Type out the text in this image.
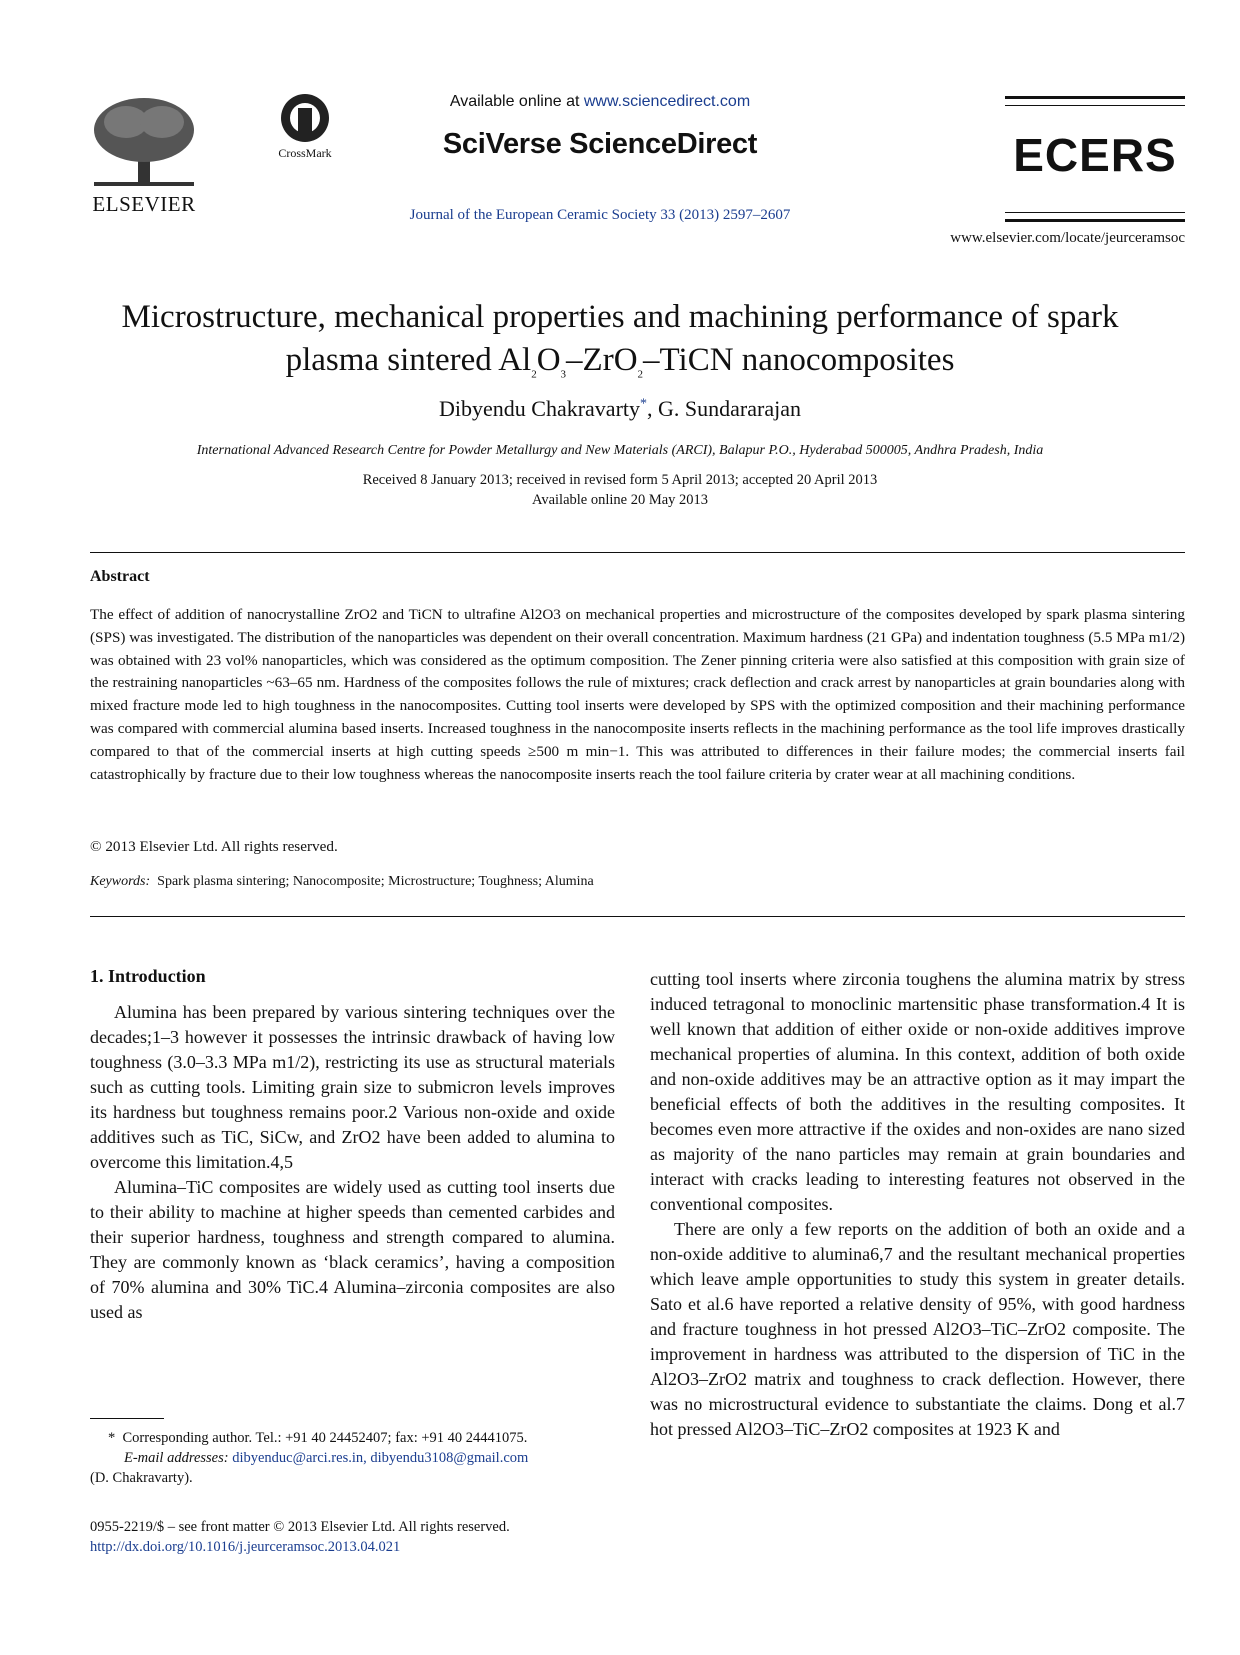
ELSEVIER
CrossMark
Available online at www.sciencedirect.com
SciVerse ScienceDirect
Journal of the European Ceramic Society 33 (2013) 2597–2607
ECERS
www.elsevier.com/locate/jeurceramsoc
Microstructure, mechanical properties and machining performance of spark
plasma sintered $Al_2O_3-ZrO_2$–TiCN nanocomposites
Dibyendu Chakravarty*, G. Sundararajan
International Advanced Research Centre for Powder Metallurgy and New Materials (ARCI), Balapur P.O., Hyderabad 500005, Andhra Pradesh, India
Received 8 January 2013; received in revised form 5 April 2013; accepted 20 April 2013
Available online 20 May 2013
Abstract
The effect of addition of nanocrystalline ZrO2 and TiCN to ultrafine Al2O3 on mechanical properties and microstructure of the composites developed by spark plasma sintering (SPS) was investigated. The distribution of the nanoparticles was dependent on their overall concentration. Maximum hardness (21 GPa) and indentation toughness (5.5 MPa m1/2) was obtained with 23 vol% nanoparticles, which was considered as the optimum composition. The Zener pinning criteria were also satisfied at this composition with grain size of the restraining nanoparticles ~63–65 nm. Hardness of the composites follows the rule of mixtures; crack deflection and crack arrest by nanoparticles at grain boundaries along with mixed fracture mode led to high toughness in the nanocomposites. Cutting tool inserts were developed by SPS with the optimized composition and their machining performance was compared with commercial alumina based inserts. Increased toughness in the nanocomposite inserts reflects in the machining performance as the tool life improves drastically compared to that of the commercial inserts at high cutting speeds ≥500 m min−1. This was attributed to differences in their failure modes; the commercial inserts fail catastrophically by fracture due to their low toughness whereas the nanocomposite inserts reach the tool failure criteria by crater wear at all machining conditions.
© 2013 Elsevier Ltd. All rights reserved.
Keywords: Spark plasma sintering; Nanocomposite; Microstructure; Toughness; Alumina
1. Introduction

Alumina has been prepared by various sintering techniques over the decades;1–3 however it possesses the intrinsic drawback of having low toughness (3.0–3.3 MPa m1/2), restricting its use as structural materials such as cutting tools. Limiting grain size to submicron levels improves its hardness but toughness remains poor.2 Various non-oxide and oxide additives such as TiC, SiCw, and ZrO2 have been added to alumina to overcome this limitation.4,5

Alumina–TiC composites are widely used as cutting tool inserts due to their ability to machine at higher speeds than cemented carbides and their superior hardness, toughness and strength compared to alumina. They are commonly known as ‘black ceramics’, having a composition of 70% alumina and 30% TiC.4 Alumina–zirconia composites are also used as

cutting tool inserts where zirconia toughens the alumina matrix by stress induced tetragonal to monoclinic martensitic phase transformation.4 It is well known that addition of either oxide or non-oxide additives improve mechanical properties of alumina. In this context, addition of both oxide and non-oxide additives may be an attractive option as it may impart the beneficial effects of both the additives in the resulting composites. It becomes even more attractive if the oxides and non-oxides are nano sized as majority of the nano particles may remain at grain boundaries and interact with cracks leading to interesting features not observed in the conventional composites.

There are only a few reports on the addition of both an oxide and a non-oxide additive to alumina6,7 and the resultant mechanical properties which leave ample opportunities to study this system in greater details. Sato et al.6 have reported a relative density of 95%, with good hardness and fracture toughness in hot pressed Al2O3–TiC–ZrO2 composite. The improvement in hardness was attributed to the dispersion of TiC in the Al2O3–ZrO2 matrix and toughness to crack deflection. However, there was no microstructural evidence to substantiate the claims. Dong et al.7 hot pressed Al2O3–TiC–ZrO2 composites at 1923 K and

* Corresponding author. Tel.: +91 40 24452407; fax: +91 40 24441075.
E-mail addresses: dibyenduc@arci.res.in, dibyendu3108@gmail.com
(D. Chakravarty).
0955-2219/$ – see front matter © 2013 Elsevier Ltd. All rights reserved.
http://dx.doi.org/10.1016/j.jeurceramsoc.2013.04.021
